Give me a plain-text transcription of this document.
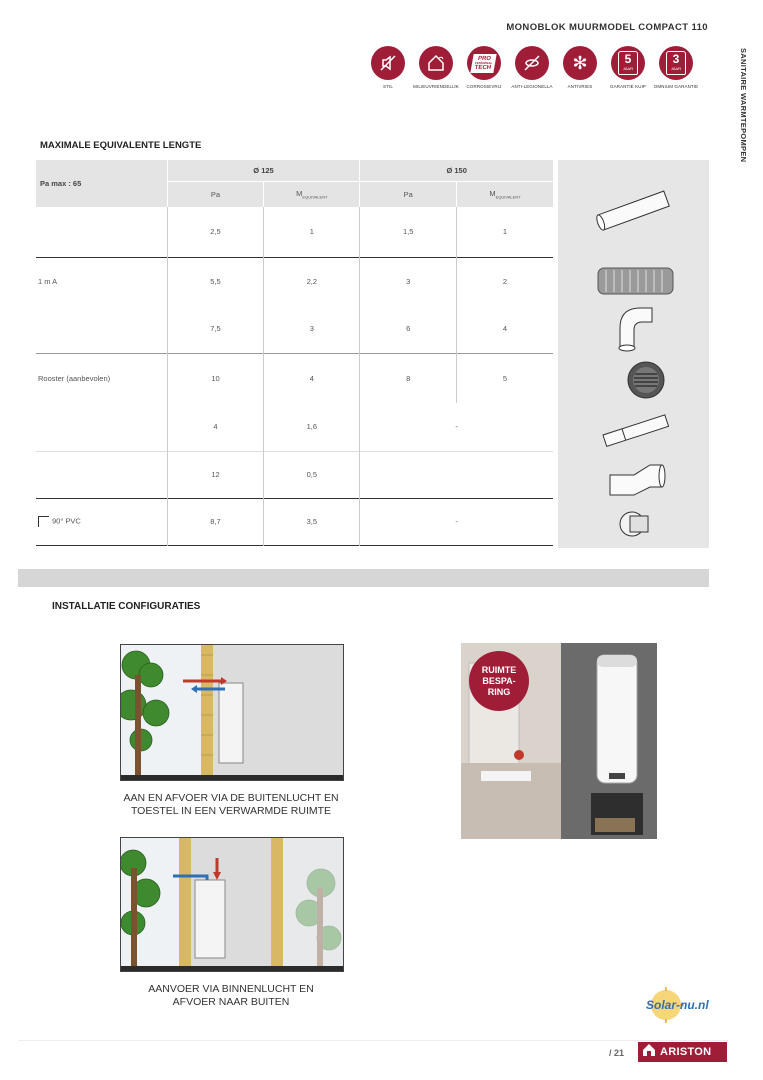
MONOBLOK MUURMODEL COMPACT 110
SANITAIRE WARMTEPOMPEN
STIL	MILIEUVRIENDELIJK
PRO
FESSIONAL
TECH
CORROSIEVRIJ	ANTI-LEGIONELLA
✻
ANTIVRIES
5
JAAR
GARANTIE KUIP
3
JAAR
OMNIUM GARANTIE
MAXIMALE EQUIVALENTE LENGTE
Pa max : 65	Ø 125		Ø 150	
	Pa	$M_{EQUIVALENT}$	Pa	$M_{EQUIVALENT}$
	2,5	1	1,5	1
1 m A	5,5	2,2	3	2
	7,5	3	6	4
Rooster (aanbevolen)	10	4	8	5
	4	1,6	-	
	12	0,5		
90° PVC	8,7	3,5	-	
INSTALLATIE CONFIGURATIES
AAN EN AFVOER VIA DE BUITENLUCHT EN
TOESTEL IN EEN VERWARMDE RUIMTE
AANVOER VIA BINNENLUCHT EN
AFVOER NAAR BUITEN
RUIMTE
BESPA-
RING
Solar-nu.nl
/ 21	ARISTON
